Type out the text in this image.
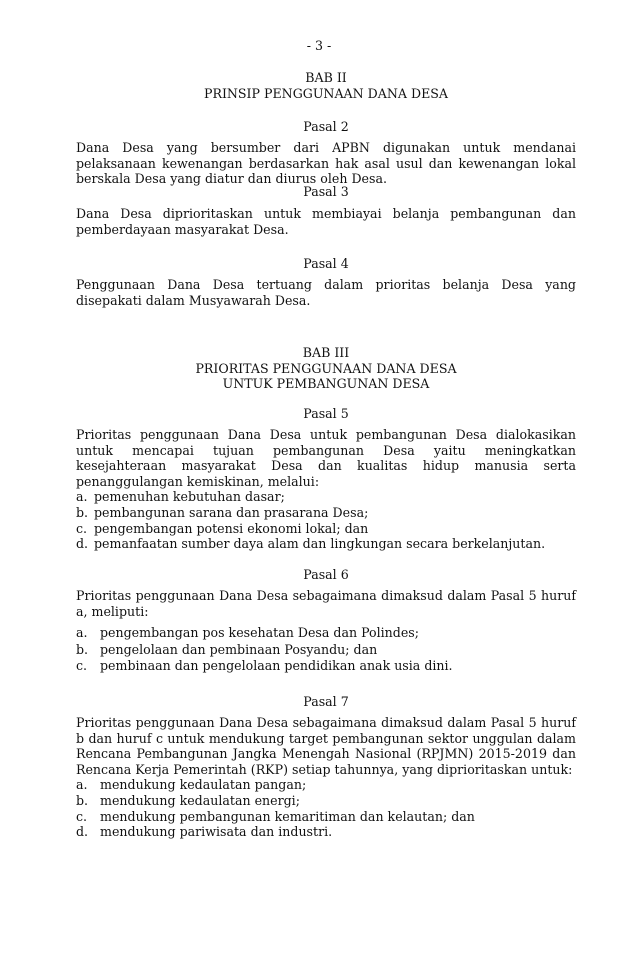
- 3 -
BAB II
PRINSIP PENGGUNAAN DANA DESA
Pasal 2
Dana Desa yang bersumber dari APBN digunakan untuk mendanai pelaksanaan kewenangan berdasarkan hak asal usul dan kewenangan lokal berskala Desa yang diatur dan diurus oleh Desa.
Pasal 3
Dana Desa diprioritaskan untuk membiayai belanja pembangunan dan pemberdayaan masyarakat Desa.
Pasal 4
Penggunaan Dana Desa tertuang dalam prioritas belanja Desa yang disepakati dalam Musyawarah Desa.
BAB III
PRIORITAS PENGGUNAAN DANA DESA
UNTUK PEMBANGUNAN DESA
Pasal 5
Prioritas penggunaan Dana Desa untuk pembangunan Desa dialokasikan untuk mencapai tujuan pembangunan Desa yaitu meningkatkan kesejahteraan masyarakat Desa dan kualitas hidup manusia serta penanggulangan kemiskinan, melalui:
a. pemenuhan kebutuhan dasar;
b. pembangunan sarana dan prasarana Desa;
c. pengembangan potensi ekonomi lokal; dan
d. pemanfaatan sumber daya alam dan lingkungan secara berkelanjutan.
Pasal 6
Prioritas penggunaan Dana Desa sebagaimana dimaksud dalam Pasal 5 huruf a, meliputi:
a. pengembangan pos kesehatan Desa dan Polindes;
b. pengelolaan dan pembinaan Posyandu; dan
c.	pembinaan dan pengelolaan pendidikan anak usia dini.
Pasal 7
Prioritas penggunaan Dana Desa sebagaimana dimaksud dalam Pasal 5 huruf b dan huruf c untuk mendukung target pembangunan sektor unggulan dalam Rencana Pembangunan Jangka Menengah Nasional (RPJMN) 2015-2019 dan Rencana Kerja Pemerintah (RKP) setiap tahunnya, yang diprioritaskan untuk:
a. mendukung kedaulatan pangan;
b. mendukung kedaulatan energi;
c.	mendukung pembangunan kemaritiman dan kelautan; dan
d. mendukung pariwisata dan industri.
